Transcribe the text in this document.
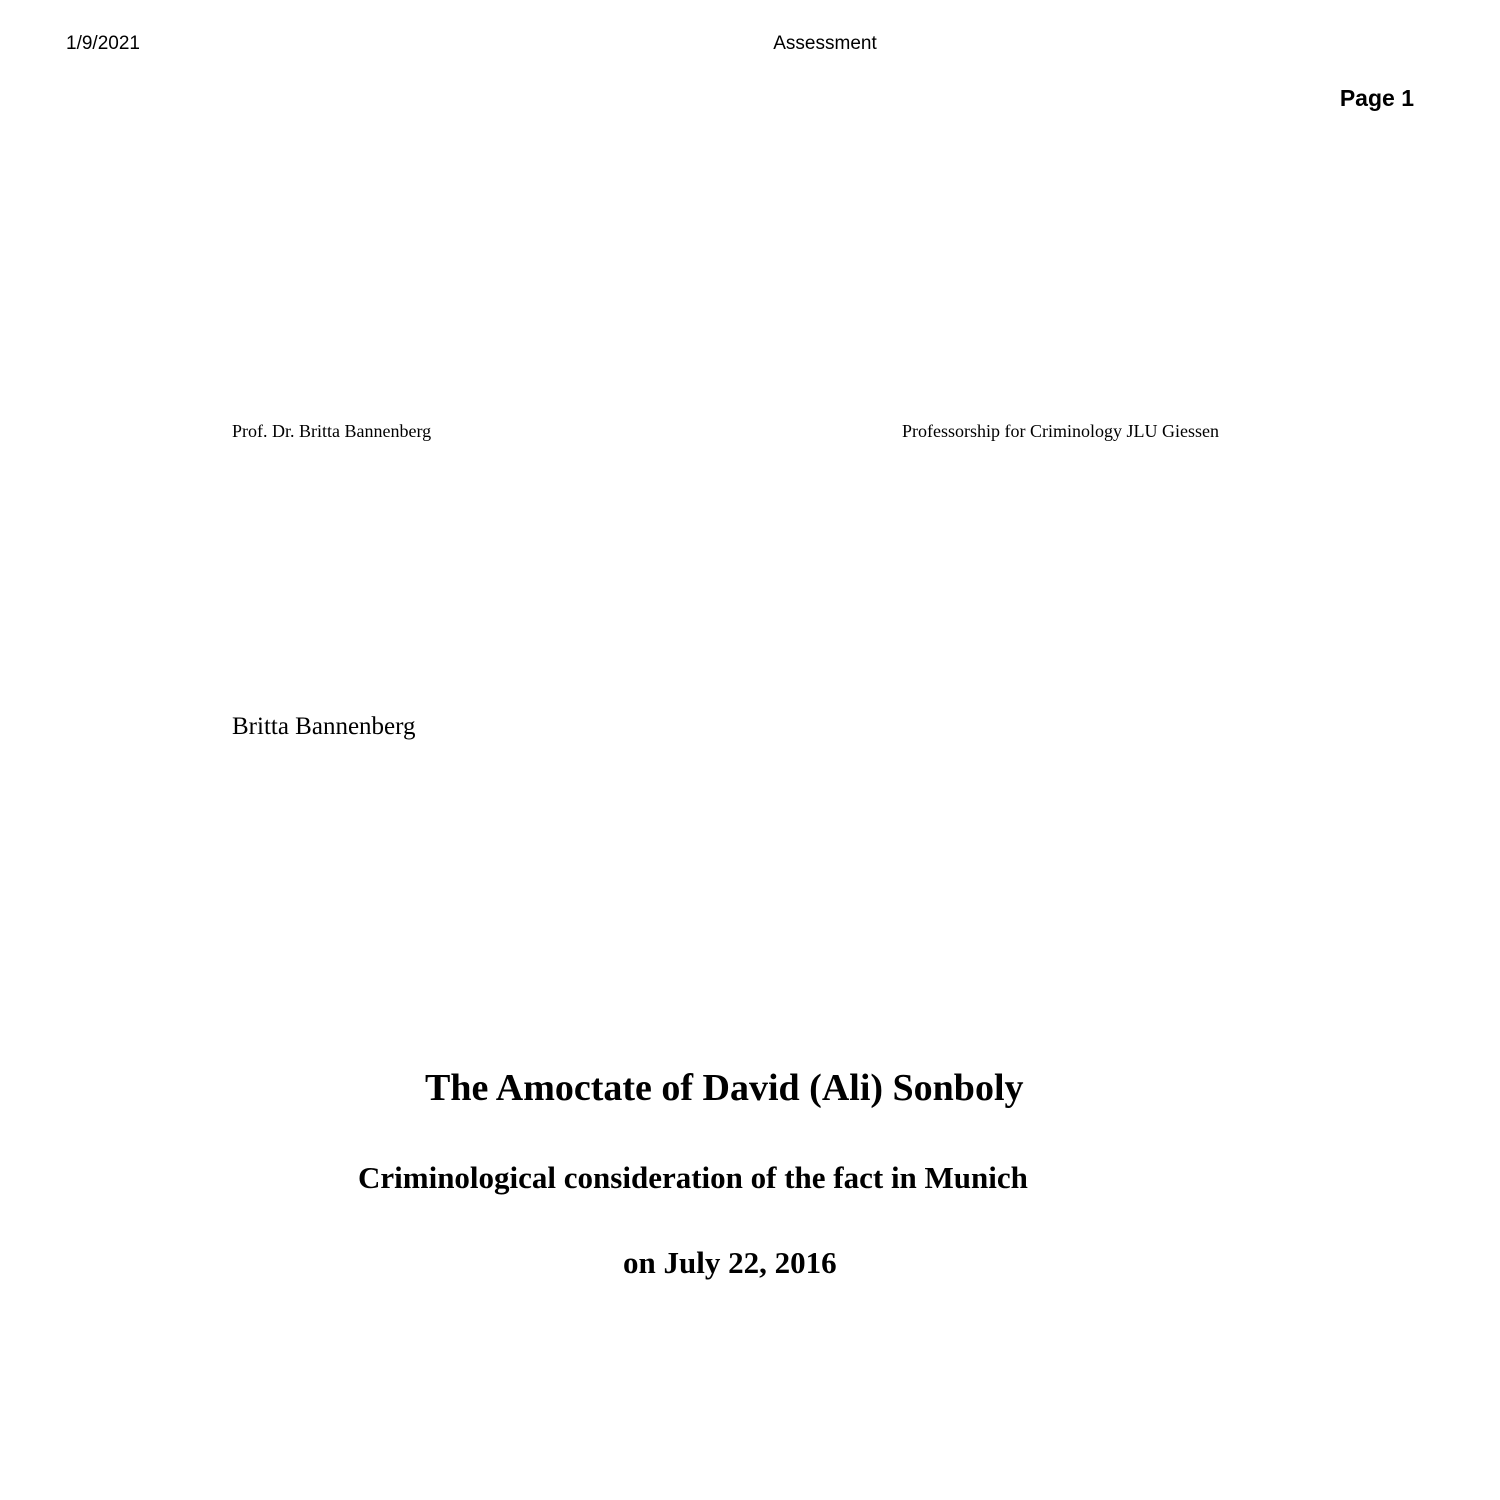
1/9/2021	Assessment
Page 1
Prof. Dr. Britta Bannenberg	Professorship for Criminology JLU Giessen
Britta Bannenberg
The Amoctate of David (Ali) Sonboly
Criminological consideration of the fact in Munich
on July 22, 2016
